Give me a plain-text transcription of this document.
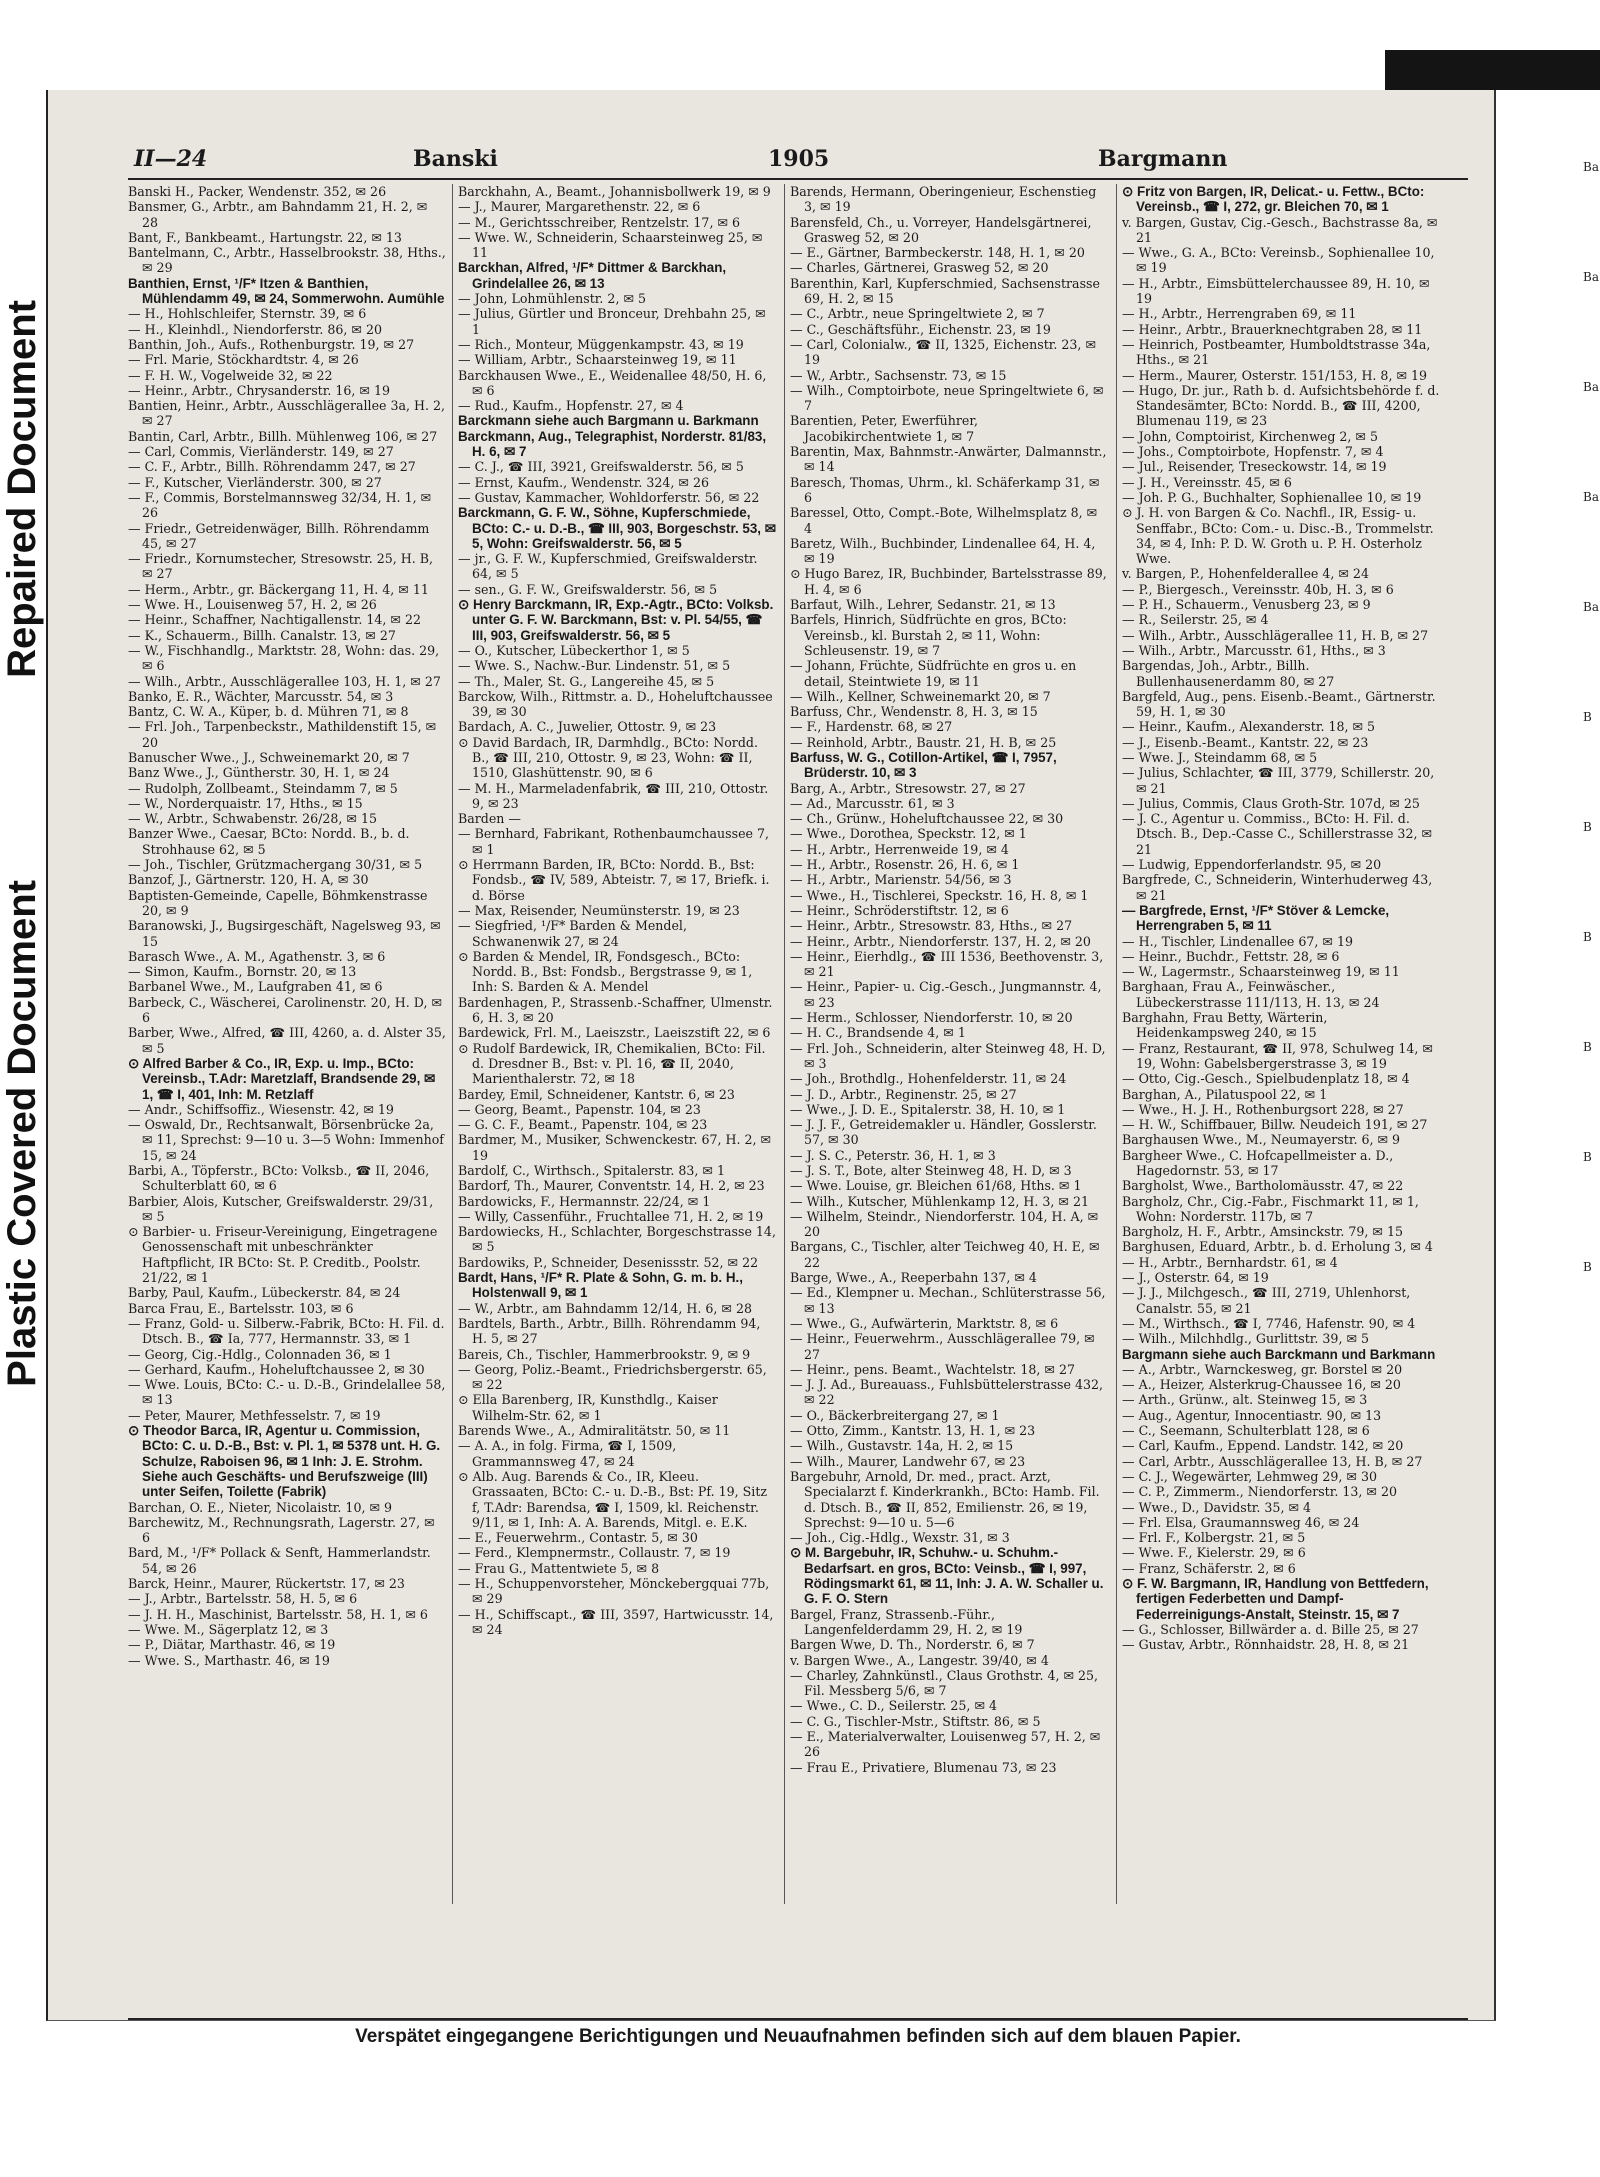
Repaired Document
Plastic Covered Document
II—24	Banski	1905	Bargmann

Banski H., Packer, Wendenstr. 352, ✉ 26

Bansmer, G., Arbtr., am Bahndamm 21, H. 2, ✉ 28

Bant, F., Bankbeamt., Hartungstr. 22, ✉ 13

Bantelmann, C., Arbtr., Hasselbrookstr. 38, Hths., ✉ 29

Banthien, Ernst, ¹/F* Itzen & Banthien, Mühlendamm 49, ✉ 24, Sommerwohn. Aumühle

— H., Hohlschleifer, Sternstr. 39, ✉ 6

— H., Kleinhdl., Niendorferstr. 86, ✉ 20

Banthin, Joh., Aufs., Rothenburgstr. 19, ✉ 27

— Frl. Marie, Stöckhardtstr. 4, ✉ 26

— F. H. W., Vogelweide 32, ✉ 22

— Heinr., Arbtr., Chrysanderstr. 16, ✉ 19

Bantien, Heinr., Arbtr., Ausschlägerallee 3a, H. 2, ✉ 27

Bantin, Carl, Arbtr., Billh. Mühlenweg 106, ✉ 27

— Carl, Commis, Vierländerstr. 149, ✉ 27

— C. F., Arbtr., Billh. Röhrendamm 247, ✉ 27

— F., Kutscher, Vierländerstr. 300, ✉ 27

— F., Commis, Borstelmannsweg 32/34, H. 1, ✉ 26

— Friedr., Getreidenwäger, Billh. Röhrendamm 45, ✉ 27

— Friedr., Kornumstecher, Stresowstr. 25, H. B, ✉ 27

— Herm., Arbtr., gr. Bäckergang 11, H. 4, ✉ 11

— Wwe. H., Louisenweg 57, H. 2, ✉ 26

— Heinr., Schaffner, Nachtigallenstr. 14, ✉ 22

— K., Schauerm., Billh. Canalstr. 13, ✉ 27

— W., Fischhandlg., Marktstr. 28, Wohn: das. 29, ✉ 6

— Wilh., Arbtr., Ausschlägerallee 103, H. 1, ✉ 27

Banko, E. R., Wächter, Marcusstr. 54, ✉ 3

Bantz, C. W. A., Küper, b. d. Mühren 71, ✉ 8

— Frl. Joh., Tarpenbeckstr., Mathildenstift 15, ✉ 20

Banuscher Wwe., J., Schweinemarkt 20, ✉ 7

Banz Wwe., J., Güntherstr. 30, H. 1, ✉ 24

— Rudolph, Zollbeamt., Steindamm 7, ✉ 5

— W., Norderquaistr. 17, Hths., ✉ 15

— W., Arbtr., Schwabenstr. 26/28, ✉ 15

Banzer Wwe., Caesar, BCto: Nordd. B., b. d. Strohhause 62, ✉ 5

— Joh., Tischler, Grützmachergang 30/31, ✉ 5

Banzof, J., Gärtnerstr. 120, H. A, ✉ 30

Baptisten-Gemeinde, Capelle, Böhmkenstrasse 20, ✉ 9

Baranowski, J., Bugsirgeschäft, Nagelsweg 93, ✉ 15

Barasch Wwe., A. M., Agathenstr. 3, ✉ 6

— Simon, Kaufm., Bornstr. 20, ✉ 13

Barbanel Wwe., M., Laufgraben 41, ✉ 6

Barbeck, C., Wäscherei, Carolinenstr. 20, H. D, ✉ 6

Barber, Wwe., Alfred, ☎ III, 4260, a. d. Alster 35, ✉ 5

⊙ Alfred Barber & Co., IR, Exp. u. Imp., BCto: Vereinsb., T.Adr: Maretzlaff, Brandsende 29, ✉ 1, ☎ I, 401, Inh: M. Retzlaff

— Andr., Schiffsoffiz., Wiesenstr. 42, ✉ 19

— Oswald, Dr., Rechtsanwalt, Börsenbrücke 2a, ✉ 11, Sprechst: 9—10 u. 3—5 Wohn: Immenhof 15, ✉ 24

Barbi, A., Töpferstr., BCto: Volksb., ☎ II, 2046, Schulterblatt 60, ✉ 6

Barbier, Alois, Kutscher, Greifswalderstr. 29/31, ✉ 5

⊙ Barbier- u. Friseur-Vereinigung, Eingetragene Genossenschaft mit unbeschränkter Haftpflicht, IR BCto: St. P. Creditb., Poolstr. 21/22, ✉ 1

Barby, Paul, Kaufm., Lübeckerstr. 84, ✉ 24

Barca Frau, E., Bartelsstr. 103, ✉ 6

— Franz, Gold- u. Silberw.-Fabrik, BCto: H. Fil. d. Dtsch. B., ☎ Ia, 777, Hermannstr. 33, ✉ 1

— Georg, Cig.-Hdlg., Colonnaden 36, ✉ 1

— Gerhard, Kaufm., Hoheluftchaussee 2, ✉ 30

— Wwe. Louis, BCto: C.- u. D.-B., Grindelallee 58, ✉ 13

— Peter, Maurer, Methfesselstr. 7, ✉ 19

⊙ Theodor Barca, IR, Agentur u. Commission, BCto: C. u. D.-B., Bst: v. Pl. 1, ✉ 5378 unt. H. G. Schulze, Raboisen 96, ✉ 1 Inh: J. E. Strohm. Siehe auch Geschäfts- und Berufszweige (III) unter Seifen, Toilette (Fabrik)

Barchan, O. E., Nieter, Nicolaistr. 10, ✉ 9

Barchewitz, M., Rechnungsrath, Lagerstr. 27, ✉ 6

Bard, M., ¹/F* Pollack & Senft, Hammerlandstr. 54, ✉ 26

Barck, Heinr., Maurer, Rückertstr. 17, ✉ 23

— J., Arbtr., Bartelsstr. 58, H. 5, ✉ 6

— J. H. H., Maschinist, Bartelsstr. 58, H. 1, ✉ 6

— Wwe. M., Sägerplatz 12, ✉ 3

— P., Diätar, Marthastr. 46, ✉ 19

— Wwe. S., Marthastr. 46, ✉ 19

Barckhahn, A., Beamt., Johannisbollwerk 19, ✉ 9

— J., Maurer, Margarethenstr. 22, ✉ 6

— M., Gerichtsschreiber, Rentzelstr. 17, ✉ 6

— Wwe. W., Schneiderin, Schaarsteinweg 25, ✉ 11

Barckhan, Alfred, ¹/F* Dittmer & Barckhan, Grindelallee 26, ✉ 13

— John, Lohmühlenstr. 2, ✉ 5

— Julius, Gürtler und Bronceur, Drehbahn 25, ✉ 1

— Rich., Monteur, Müggenkampstr. 43, ✉ 19

— William, Arbtr., Schaarsteinweg 19, ✉ 11

Barckhausen Wwe., E., Weidenallee 48/50, H. 6, ✉ 6

— Rud., Kaufm., Hopfenstr. 27, ✉ 4

Barckmann siehe auch Bargmann u. Barkmann

Barckmann, Aug., Telegraphist, Norderstr. 81/83, H. 6, ✉ 7

— C. J., ☎ III, 3921, Greifswalderstr. 56, ✉ 5

— Ernst, Kaufm., Wendenstr. 324, ✉ 26

— Gustav, Kammacher, Wohldorferstr. 56, ✉ 22

Barckmann, G. F. W., Söhne, Kupferschmiede, BCto: C.- u. D.-B., ☎ III, 903, Borgeschstr. 53, ✉ 5, Wohn: Greifswalderstr. 56, ✉ 5

— jr., G. F. W., Kupferschmied, Greifswalderstr. 64, ✉ 5

— sen., G. F. W., Greifswalderstr. 56, ✉ 5

⊙ Henry Barckmann, IR, Exp.-Agtr., BCto: Volksb. unter G. F. W. Barckmann, Bst: v. Pl. 54/55, ☎ III, 903, Greifswalderstr. 56, ✉ 5

— O., Kutscher, Lübeckerthor 1, ✉ 5

— Wwe. S., Nachw.-Bur. Lindenstr. 51, ✉ 5

— Th., Maler, St. G., Langereihe 45, ✉ 5

Barckow, Wilh., Rittmstr. a. D., Hoheluftchaussee 39, ✉ 30

Bardach, A. C., Juwelier, Ottostr. 9, ✉ 23

⊙ David Bardach, IR, Darmhdlg., BCto: Nordd. B., ☎ III, 210, Ottostr. 9, ✉ 23, Wohn: ☎ II, 1510, Glashüttenstr. 90, ✉ 6

— M. H., Marmeladenfabrik, ☎ III, 210, Ottostr. 9, ✉ 23

Barden —

— Bernhard, Fabrikant, Rothenbaumchaussee 7, ✉ 1

⊙ Herrmann Barden, IR, BCto: Nordd. B., Bst: Fondsb., ☎ IV, 589, Abteistr. 7, ✉ 17, Briefk. i. d. Börse

— Max, Reisender, Neumünsterstr. 19, ✉ 23

— Siegfried, ¹/F* Barden & Mendel, Schwanenwik 27, ✉ 24

⊙ Barden & Mendel, IR, Fondsgesch., BCto: Nordd. B., Bst: Fondsb., Bergstrasse 9, ✉ 1, Inh: S. Barden & A. Mendel

Bardenhagen, P., Strassenb.-Schaffner, Ulmenstr. 6, H. 3, ✉ 20

Bardewick, Frl. M., Laeiszstr., Laeiszstift 22, ✉ 6

⊙ Rudolf Bardewick, IR, Chemikalien, BCto: Fil. d. Dresdner B., Bst: v. Pl. 16, ☎ II, 2040, Marienthalerstr. 72, ✉ 18

Bardey, Emil, Schneidener, Kantstr. 6, ✉ 23

— Georg, Beamt., Papenstr. 104, ✉ 23

— G. C. F., Beamt., Papenstr. 104, ✉ 23

Bardmer, M., Musiker, Schwenckestr. 67, H. 2, ✉ 19

Bardolf, C., Wirthsch., Spitalerstr. 83, ✉ 1

Bardorf, Th., Maurer, Conventstr. 14, H. 2, ✉ 23

Bardowicks, F., Hermannstr. 22/24, ✉ 1

— Willy, Cassenführ., Fruchtallee 71, H. 2, ✉ 19

Bardowiecks, H., Schlachter, Borgeschstrasse 14, ✉ 5

Bardowiks, P., Schneider, Desenissstr. 52, ✉ 22

Bardt, Hans, ¹/F* R. Plate & Sohn, G. m. b. H., Holstenwall 9, ✉ 1

— W., Arbtr., am Bahndamm 12/14, H. 6, ✉ 28

Bardtels, Barth., Arbtr., Billh. Röhrendamm 94, H. 5, ✉ 27

Bareis, Ch., Tischler, Hammerbrookstr. 9, ✉ 9

— Georg, Poliz.-Beamt., Friedrichsbergerstr. 65, ✉ 22

⊙ Ella Barenberg, IR, Kunsthdlg., Kaiser Wilhelm-Str. 62, ✉ 1

Barends Wwe., A., Admiralitätstr. 50, ✉ 11

— A. A., in folg. Firma, ☎ I, 1509, Grammannsweg 47, ✉ 24

⊙ Alb. Aug. Barends & Co., IR, Kleeu. Grassaaten, BCto: C.- u. D.-B., Bst: Pf. 19, Sitz f, T.Adr: Barendsa, ☎ I, 1509, kl. Reichenstr. 9/11, ✉ 1, Inh: A. A. Barends, Mitgl. e. E.K.

— E., Feuerwehrm., Contastr. 5, ✉ 30

— Ferd., Klempnermstr., Collaustr. 7, ✉ 19

— Frau G., Mattentwiete 5, ✉ 8

— H., Schuppenvorsteher, Mönckebergquai 77b, ✉ 29

— H., Schiffscapt., ☎ III, 3597, Hartwicusstr. 14, ✉ 24

Barends, Hermann, Oberingenieur, Eschenstieg 3, ✉ 19

Barensfeld, Ch., u. Vorreyer, Handelsgärtnerei, Grasweg 52, ✉ 20

— E., Gärtner, Barmbeckerstr. 148, H. 1, ✉ 20

— Charles, Gärtnerei, Grasweg 52, ✉ 20

Barenthin, Karl, Kupferschmied, Sachsenstrasse 69, H. 2, ✉ 15

— C., Arbtr., neue Springeltwiete 2, ✉ 7

— C., Geschäftsführ., Eichenstr. 23, ✉ 19

— Carl, Colonialw., ☎ II, 1325, Eichenstr. 23, ✉ 19

— W., Arbtr., Sachsenstr. 73, ✉ 15

— Wilh., Comptoirbote, neue Springeltwiete 6, ✉ 7

Barentien, Peter, Ewerführer, Jacobikirchentwiete 1, ✉ 7

Barentin, Max, Bahnmstr.-Anwärter, Dalmannstr., ✉ 14

Baresch, Thomas, Uhrm., kl. Schäferkamp 31, ✉ 6

Baressel, Otto, Compt.-Bote, Wilhelmsplatz 8, ✉ 4

Baretz, Wilh., Buchbinder, Lindenallee 64, H. 4, ✉ 19

⊙ Hugo Barez, IR, Buchbinder, Bartelsstrasse 89, H. 4, ✉ 6

Barfaut, Wilh., Lehrer, Sedanstr. 21, ✉ 13

Barfels, Hinrich, Südfrüchte en gros, BCto: Vereinsb., kl. Burstah 2, ✉ 11, Wohn: Schleusenstr. 19, ✉ 7

— Johann, Früchte, Südfrüchte en gros u. en detail, Steintwiete 19, ✉ 11

— Wilh., Kellner, Schweinemarkt 20, ✉ 7

Barfuss, Chr., Wendenstr. 8, H. 3, ✉ 15

— F., Hardenstr. 68, ✉ 27

— Reinhold, Arbtr., Baustr. 21, H. B, ✉ 25

Barfuss, W. G., Cotillon-Artikel, ☎ I, 7957, Brüderstr. 10, ✉ 3

Barg, A., Arbtr., Stresowstr. 27, ✉ 27

— Ad., Marcusstr. 61, ✉ 3

— Ch., Grünw., Hoheluftchaussee 22, ✉ 30

— Wwe., Dorothea, Speckstr. 12, ✉ 1

— H., Arbtr., Herrenweide 19, ✉ 4

— H., Arbtr., Rosenstr. 26, H. 6, ✉ 1

— H., Arbtr., Marienstr. 54/56, ✉ 3

— Wwe., H., Tischlerei, Speckstr. 16, H. 8, ✉ 1

— Heinr., Schröderstiftstr. 12, ✉ 6

— Heinr., Arbtr., Stresowstr. 83, Hths., ✉ 27

— Heinr., Arbtr., Niendorferstr. 137, H. 2, ✉ 20

— Heinr., Eierhdlg., ☎ III 1536, Beethovenstr. 3, ✉ 21

— Heinr., Papier- u. Cig.-Gesch., Jungmannstr. 4, ✉ 23

— Herm., Schlosser, Niendorferstr. 10, ✉ 20

— H. C., Brandsende 4, ✉ 1

— Frl. Joh., Schneiderin, alter Steinweg 48, H. D, ✉ 3

— Joh., Brothdlg., Hohenfelderstr. 11, ✉ 24

— J. D., Arbtr., Reginenstr. 25, ✉ 27

— Wwe., J. D. E., Spitalerstr. 38, H. 10, ✉ 1

— J. J. F., Getreidemakler u. Händler, Gosslerstr. 57, ✉ 30

— J. S. C., Peterstr. 36, H. 1, ✉ 3

— J. S. T., Bote, alter Steinweg 48, H. D, ✉ 3

— Wwe. Louise, gr. Bleichen 61/68, Hths. ✉ 1

— Wilh., Kutscher, Mühlenkamp 12, H. 3, ✉ 21

— Wilhelm, Steindr., Niendorferstr. 104, H. A, ✉ 20

Bargans, C., Tischler, alter Teichweg 40, H. E, ✉ 22

Barge, Wwe., A., Reeperbahn 137, ✉ 4

— Ed., Klempner u. Mechan., Schlüterstrasse 56, ✉ 13

— Wwe., G., Aufwärterin, Marktstr. 8, ✉ 6

— Heinr., Feuerwehrm., Ausschlägerallee 79, ✉ 27

— Heinr., pens. Beamt., Wachtelstr. 18, ✉ 27

— J. J. Ad., Bureauass., Fuhlsbüttelerstrasse 432, ✉ 22

— O., Bäckerbreitergang 27, ✉ 1

— Otto, Zimm., Kantstr. 13, H. 1, ✉ 23

— Wilh., Gustavstr. 14a, H. 2, ✉ 15

— Wilh., Maurer, Landwehr 67, ✉ 23

Bargebuhr, Arnold, Dr. med., pract. Arzt, Specialarzt f. Kinderkrankh., BCto: Hamb. Fil. d. Dtsch. B., ☎ II, 852, Emilienstr. 26, ✉ 19, Sprechst: 9—10 u. 5—6

— Joh., Cig.-Hdlg., Wexstr. 31, ✉ 3

⊙ M. Bargebuhr, IR, Schuhw.- u. Schuhm.-Bedarfsart. en gros, BCto: Veinsb., ☎ I, 997, Rödingsmarkt 61, ✉ 11, Inh: J. A. W. Schaller u. G. F. O. Stern

Bargel, Franz, Strassenb.-Führ., Langenfelderdamm 29, H. 2, ✉ 19

Bargen Wwe, D. Th., Norderstr. 6, ✉ 7

v. Bargen Wwe., A., Langestr. 39/40, ✉ 4

— Charley, Zahnkünstl., Claus Grothstr. 4, ✉ 25, Fil. Messberg 5/6, ✉ 7

— Wwe., C. D., Seilerstr. 25, ✉ 4

— C. G., Tischler-Mstr., Stiftstr. 86, ✉ 5

— E., Materialverwalter, Louisenweg 57, H. 2, ✉ 26

— Frau E., Privatiere, Blumenau 73, ✉ 23

⊙ Fritz von Bargen, IR, Delicat.- u. Fettw., BCto: Vereinsb., ☎ I, 272, gr. Bleichen 70, ✉ 1

v. Bargen, Gustav, Cig.-Gesch., Bachstrasse 8a, ✉ 21

— Wwe., G. A., BCto: Vereinsb., Sophienallee 10, ✉ 19

— H., Arbtr., Eimsbüttelerchaussee 89, H. 10, ✉ 19

— H., Arbtr., Herrengraben 69, ✉ 11

— Heinr., Arbtr., Brauerknechtgraben 28, ✉ 11

— Heinrich, Postbeamter, Humboldtstrasse 34a, Hths., ✉ 21

— Herm., Maurer, Osterstr. 151/153, H. 8, ✉ 19

— Hugo, Dr. jur., Rath b. d. Aufsichtsbehörde f. d. Standesämter, BCto: Nordd. B., ☎ III, 4200, Blumenau 119, ✉ 23

— John, Comptoirist, Kirchenweg 2, ✉ 5

— Johs., Comptoirbote, Hopfenstr. 7, ✉ 4

— Jul., Reisender, Treseckowstr. 14, ✉ 19

— J. H., Vereinsstr. 45, ✉ 6

— Joh. P. G., Buchhalter, Sophienallee 10, ✉ 19

⊙ J. H. von Bargen & Co. Nachfl., IR, Essig- u. Senffabr., BCto: Com.- u. Disc.-B., Trommelstr. 34, ✉ 4, Inh: P. D. W. Groth u. P. H. Osterholz Wwe.

v. Bargen, P., Hohenfelderallee 4, ✉ 24

— P., Biergesch., Vereinsstr. 40b, H. 3, ✉ 6

— P. H., Schauerm., Venusberg 23, ✉ 9

— R., Seilerstr. 25, ✉ 4

— Wilh., Arbtr., Ausschlägerallee 11, H. B, ✉ 27

— Wilh., Arbtr., Marcusstr. 61, Hths., ✉ 3

Bargendas, Joh., Arbtr., Billh. Bullenhausenerdamm 80, ✉ 27

Bargfeld, Aug., pens. Eisenb.-Beamt., Gärtnerstr. 59, H. 1, ✉ 30

— Heinr., Kaufm., Alexanderstr. 18, ✉ 5

— J., Eisenb.-Beamt., Kantstr. 22, ✉ 23

— Wwe. J., Steindamm 68, ✉ 5

— Julius, Schlachter, ☎ III, 3779, Schillerstr. 20, ✉ 21

— Julius, Commis, Claus Groth-Str. 107d, ✉ 25

— J. C., Agentur u. Commiss., BCto: H. Fil. d. Dtsch. B., Dep.-Casse C., Schillerstrasse 32, ✉ 21

— Ludwig, Eppendorferlandstr. 95, ✉ 20

Bargfrede, C., Schneiderin, Winterhuderweg 43, ✉ 21

— Bargfrede, Ernst, ¹/F* Stöver & Lemcke, Herrengraben 5, ✉ 11

— H., Tischler, Lindenallee 67, ✉ 19

— Heinr., Buchdr., Fettstr. 28, ✉ 6

— W., Lagermstr., Schaarsteinweg 19, ✉ 11

Barghaan, Frau A., Feinwäscher., Lübeckerstrasse 111/113, H. 13, ✉ 24

Barghahn, Frau Betty, Wärterin, Heidenkampsweg 240, ✉ 15

— Franz, Restaurant, ☎ II, 978, Schulweg 14, ✉ 19, Wohn: Gabelsbergerstrasse 3, ✉ 19

— Otto, Cig.-Gesch., Spielbudenplatz 18, ✉ 4

Barghan, A., Pilatuspool 22, ✉ 1

— Wwe., H. J. H., Rothenburgsort 228, ✉ 27

— H. W., Schiffbauer, Billw. Neudeich 191, ✉ 27

Barghausen Wwe., M., Neumayerstr. 6, ✉ 9

Bargheer Wwe., C. Hofcapellmeister a. D., Hagedornstr. 53, ✉ 17

Bargholst, Wwe., Bartholomäusstr. 47, ✉ 22

Bargholz, Chr., Cig.-Fabr., Fischmarkt 11, ✉ 1, Wohn: Norderstr. 117b, ✉ 7

Bargholz, H. F., Arbtr., Amsinckstr. 79, ✉ 15

Barghusen, Eduard, Arbtr., b. d. Erholung 3, ✉ 4

— H., Arbtr., Bernhardstr. 61, ✉ 4

— J., Osterstr. 64, ✉ 19

— J. J., Milchgesch., ☎ III, 2719, Uhlenhorst, Canalstr. 55, ✉ 21

— M., Wirthsch., ☎ I, 7746, Hafenstr. 90, ✉ 4

— Wilh., Milchhdlg., Gurlittstr. 39, ✉ 5

Bargmann siehe auch Barckmann und Barkmann

— A., Arbtr., Warnckesweg, gr. Borstel ✉ 20

— A., Heizer, Alsterkrug-Chaussee 16, ✉ 20

— Arth., Grünw., alt. Steinweg 15, ✉ 3

— Aug., Agentur, Innocentiastr. 90, ✉ 13

— C., Seemann, Schulterblatt 128, ✉ 6

— Carl, Kaufm., Eppend. Landstr. 142, ✉ 20

— Carl, Arbtr., Ausschlägerallee 13, H. B, ✉ 27

— C. J., Wegewärter, Lehmweg 29, ✉ 30

— C. P., Zimmerm., Niendorferstr. 13, ✉ 20

— Wwe., D., Davidstr. 35, ✉ 4

— Frl. Elsa, Graumannsweg 46, ✉ 24

— Frl. F., Kolbergstr. 21, ✉ 5

— Wwe. F., Kielerstr. 29, ✉ 6

— Franz, Schäferstr. 2, ✉ 6

⊙ F. W. Bargmann, IR, Handlung von Bettfedern, fertigen Federbetten und Dampf-Federreinigungs-Anstalt, Steinstr. 15, ✉ 7

— G., Schlosser, Billwärder a. d. Bille 25, ✉ 27

— Gustav, Arbtr., Rönnhaidstr. 28, H. 8, ✉ 21

Verspätet eingegangene Berichtigungen und Neuaufnahmen befinden sich auf dem blauen Papier.
Ba
Ba
Ba
Ba
Ba
B
B
B
B
B
B
